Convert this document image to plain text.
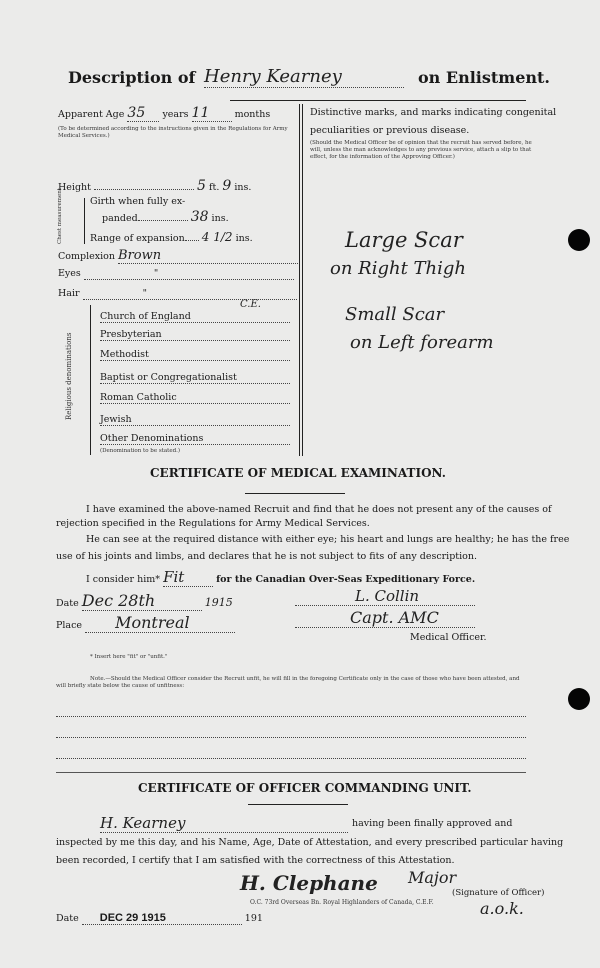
Description of Henry Kearney	on Enlistment.
Apparent Age 35 years 11	months
(To be determined according to the instructions given in the Regulations for Army Medical Services.)
Height	5 ft. 9 ins.
Chest measurement	Girth when fully ex-
panded	38 ins.
Range of expansion 4 1/2 ins.
Complexion Brown
Eyes	"
Hair	"
Religious denominations
Church of England
C.E.
Presbyterian
Methodist
Baptist or Congregationalist
Roman Catholic
Jewish
Other Denominations
(Denomination to be stated.)
Distinctive marks, and marks indicating congenital
peculiarities or previous disease.
(Should the Medical Officer be of opinion that the recruit has served before, he will, unless the man acknowledges to any previous service, attach a slip to that effect, for the information of the Approving Officer.)
Large Scar
on Right Thigh
Small Scar
on Left forearm
CERTIFICATE OF MEDICAL EXAMINATION.
I have examined the above-named Recruit and find that he does not present any of the causes of
rejection specified in the Regulations for Army Medical Services.
He can see at the required distance with either eye; his heart and lungs are healthy; he has the free
use of his joints and limbs, and declares that he is not subject to fits of any description.
I consider him* Fit	for the Canadian Over-Seas Expeditionary Force.
Date Dec 28th	1915	L. Collin
Place Montreal	Capt. AMC
Medical Officer.
* Insert here "fit" or "unfit."
Note.—Should the Medical Officer consider the Recruit unfit, he will fill in the foregoing Certificate only in the case of those who have been attested, and will briefly state below the cause of unfitness:
CERTIFICATE OF OFFICER COMMANDING UNIT.
H. Kearney	having been finally approved and
inspected by me this day, and his Name, Age, Date of Attestation, and every prescribed particular having
been recorded, I certify that I am satisfied with the correctness of this Attestation.
H. Clephane Major
(Signature of Officer)
O.C. 73rd Overseas Bn. Royal Highlanders of Canada, C.E.F.	a.o.k.
Date DEC 29 1915	191
